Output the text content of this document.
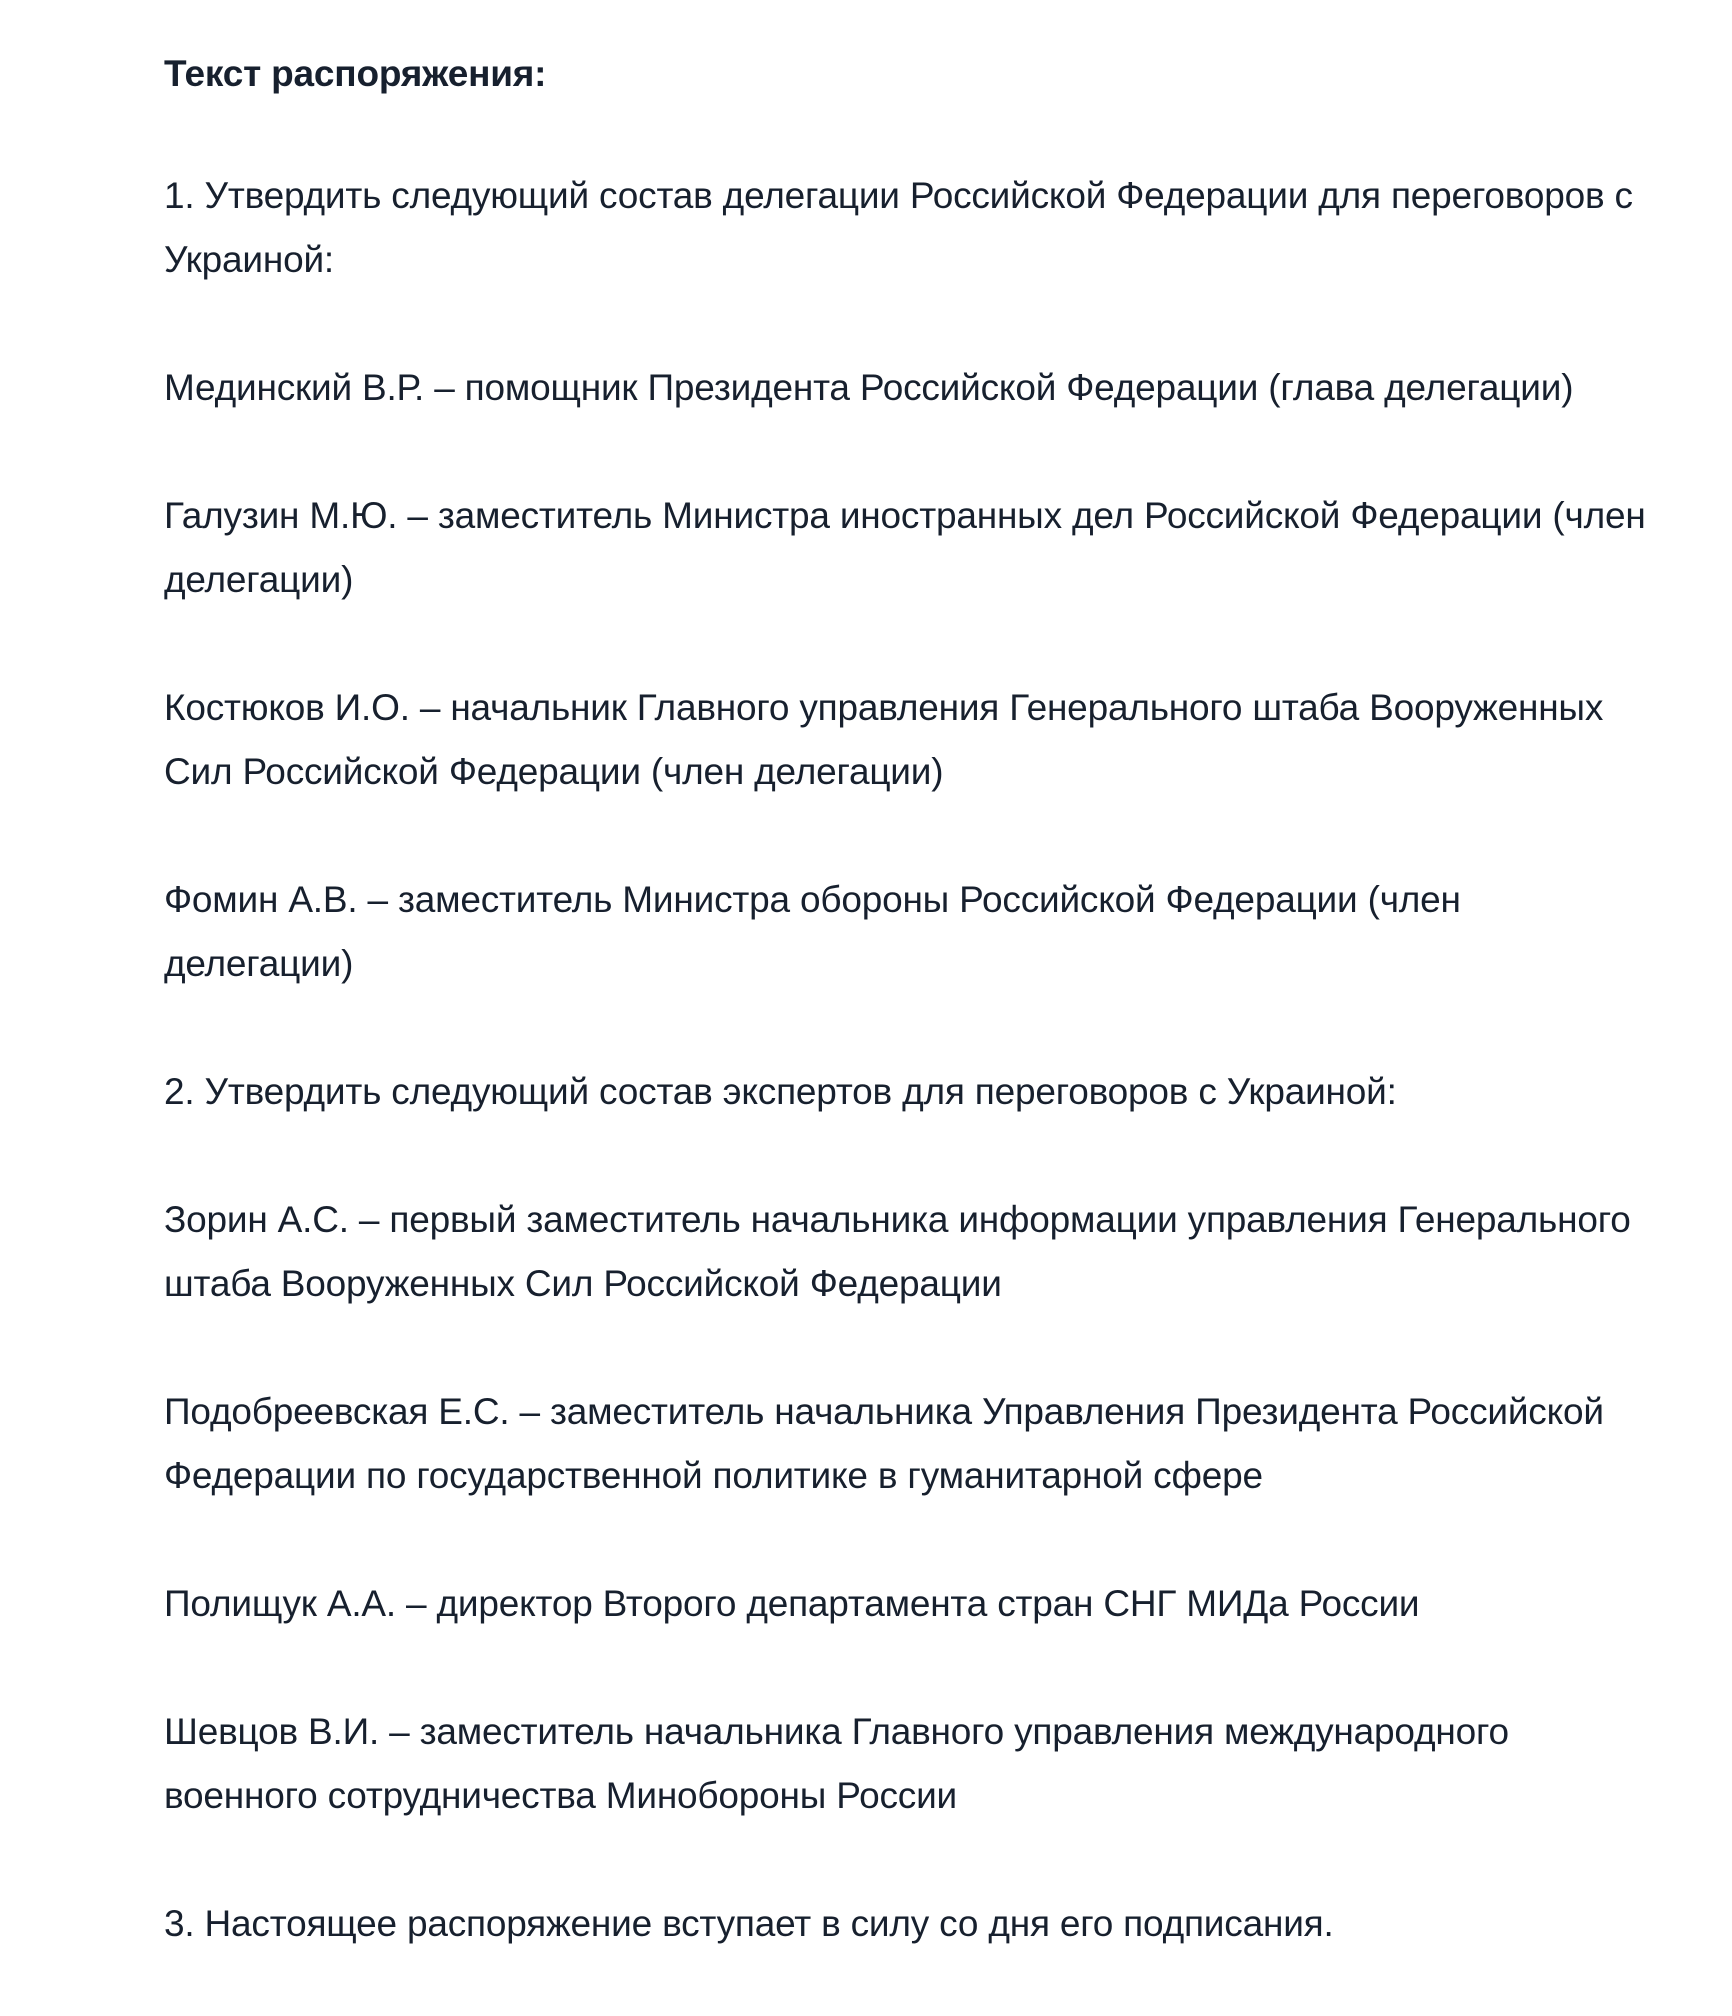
Текст распоряжения:

1. Утвердить следующий состав делегации Российской Федерации для переговоров с Украиной:

Мединский В.Р. – помощник Президента Российской Федерации (глава делегации)

Галузин М.Ю. – заместитель Министра иностранных дел Российской Федерации (член делегации)

Костюков И.О. – начальник Главного управления Генерального штаба Вооруженных Сил Российской Федерации (член делегации)

Фомин А.В. – заместитель Министра обороны Российской Федерации (член делегации)

2. Утвердить следующий состав экспертов для переговоров с Украиной:

Зорин А.С. – первый заместитель начальника информации управления Генерального штаба Вооруженных Сил Российской Федерации

Подобреевская Е.С. – заместитель начальника Управления Президента Российской Федерации по государственной политике в гуманитарной сфере

Полищук А.А. – директор Второго департамента стран СНГ МИДа России

Шевцов В.И. – заместитель начальника Главного управления международного военного сотрудничества Минобороны России

3. Настоящее распоряжение вступает в силу со дня его подписания.
